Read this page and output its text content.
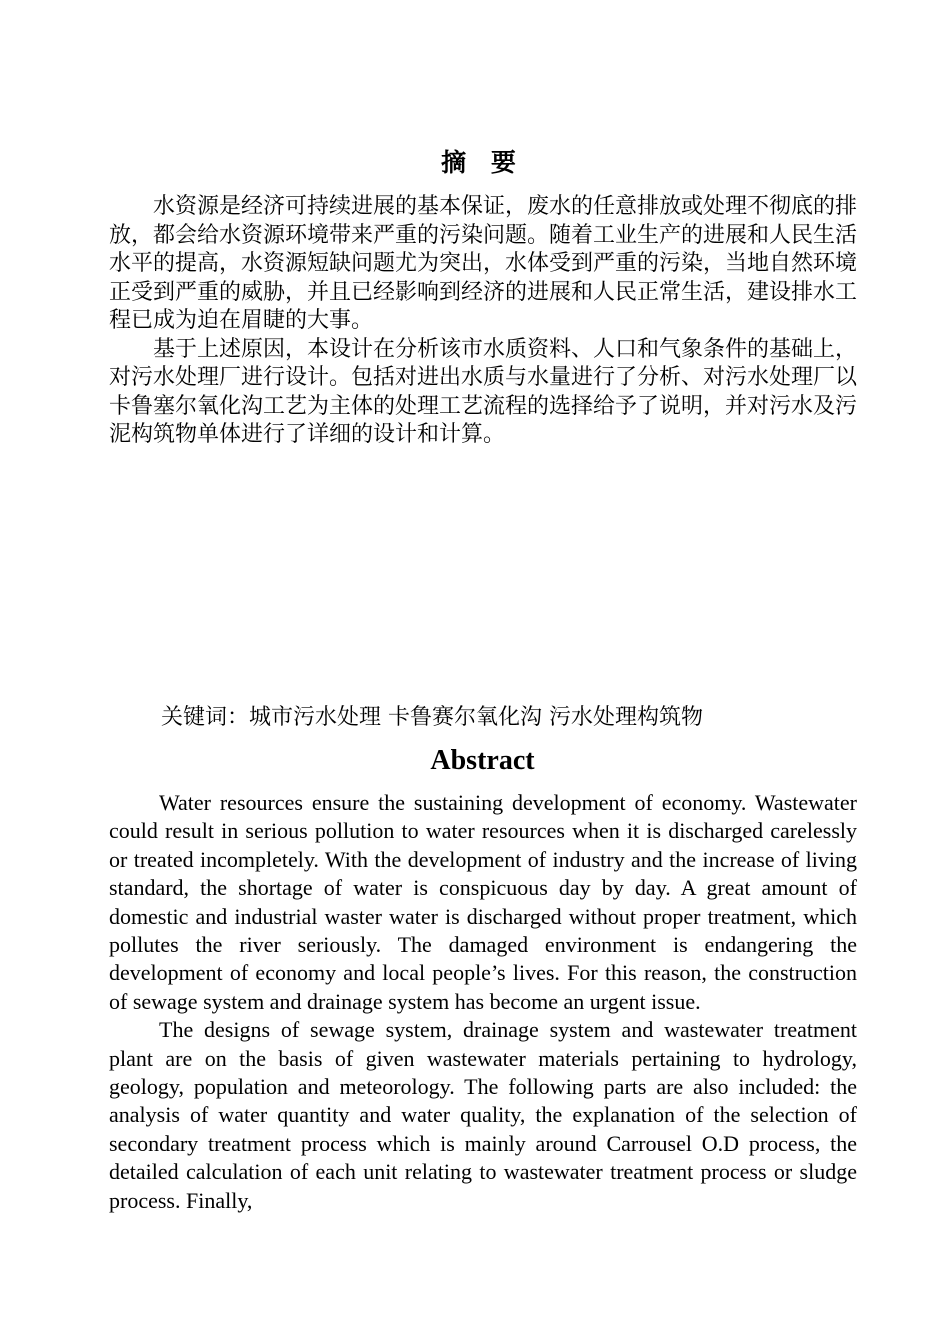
摘 要

水资源是经济可持续进展的基本保证，废水的任意排放或处理不彻底的排放，都会给水资源环境带来严重的污染问题。随着工业生产的进展和人民生活水平的提高，水资源短缺问题尤为突出，水体受到严重的污染，当地自然环境正受到严重的威胁，并且已经影响到经济的进展和人民正常生活，建设排水工程已成为迫在眉睫的大事。

基于上述原因，本设计在分析该市水质资料、人口和气象条件的基础上，对污水处理厂进行设计。包括对进出水质与水量进行了分析、对污水处理厂以卡鲁塞尔氧化沟工艺为主体的处理工艺流程的选择给予了说明，并对污水及污泥构筑物单体进行了详细的设计和计算。

关键词：城市污水处理 卡鲁赛尔氧化沟 污水处理构筑物
Abstract

Water resources ensure the sustaining development of economy. Wastewater could result in serious pollution to water resources when it is discharged carelessly or treated incompletely. With the development of industry and the increase of living standard, the shortage of water is conspicuous day by day. A great amount of domestic and industrial waster water is discharged without proper treatment, which pollutes the river seriously. The damaged environment is endangering the development of economy and local people’s lives. For this reason, the construction of sewage system and drainage system has become an urgent issue.

The designs of sewage system, drainage system and wastewater treatment plant are on the basis of given wastewater materials pertaining to hydrology, geology, population and meteorology. The following parts are also included: the analysis of water quantity and water quality, the explanation of the selection of secondary treatment process which is mainly around Carrousel O.D process, the detailed calculation of each unit relating to wastewater treatment process or sludge process. Finally,
